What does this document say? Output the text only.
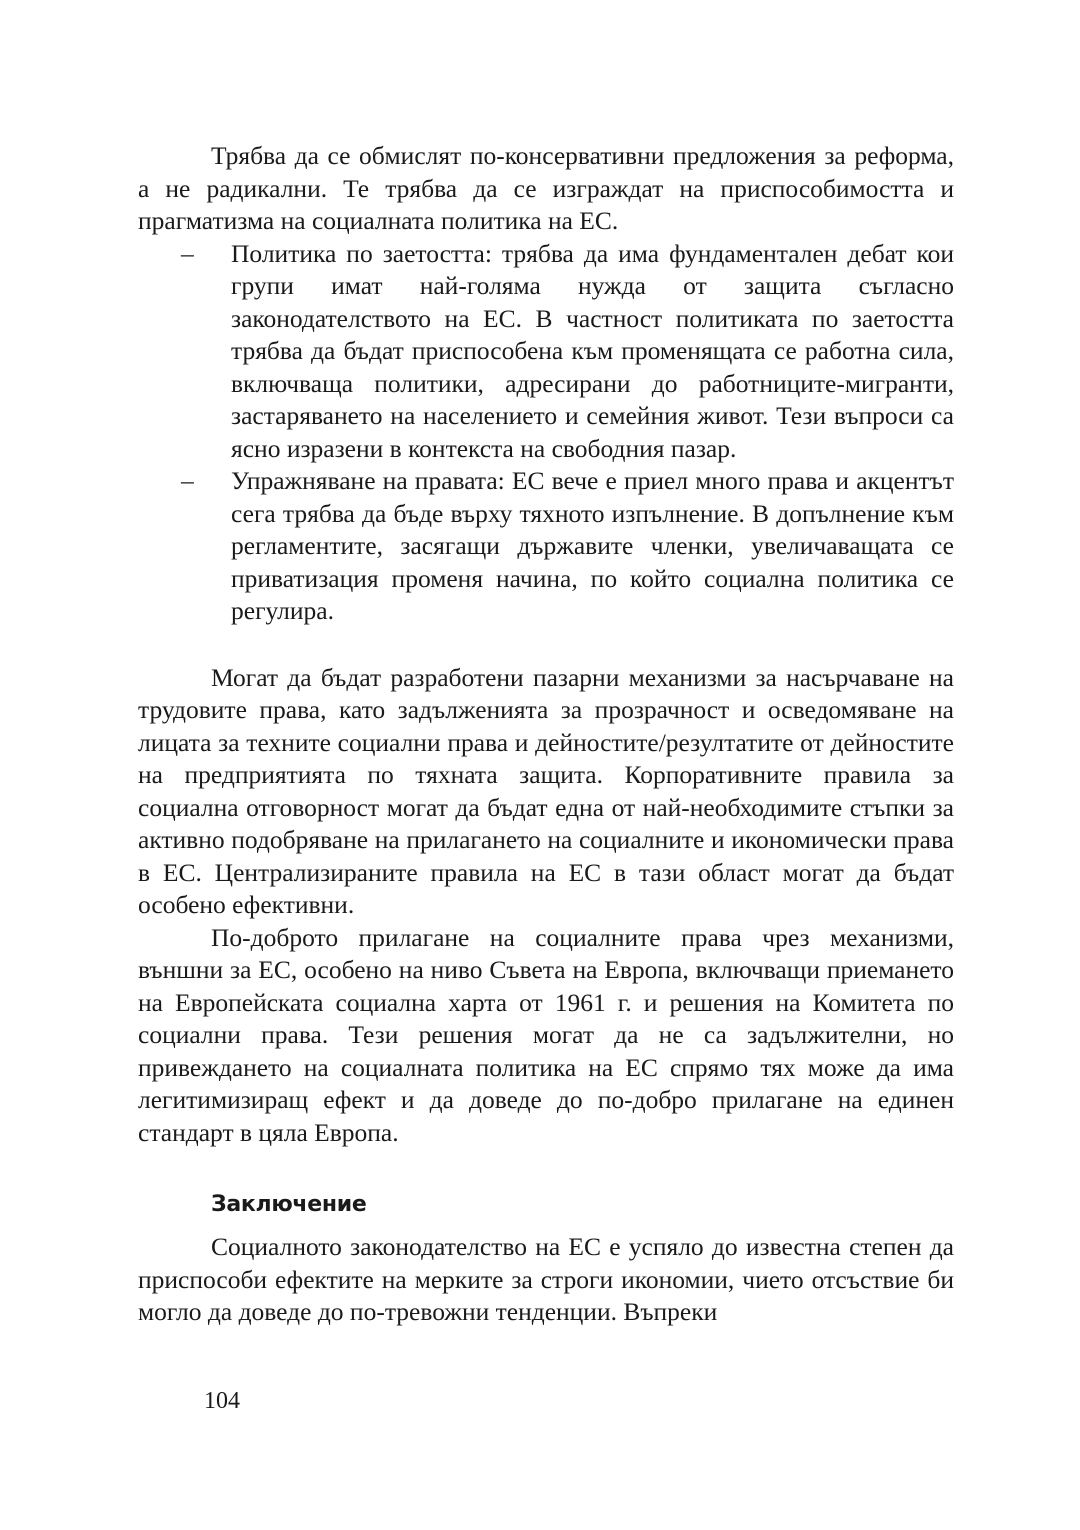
Трябва да се обмислят по-консервативни предложения за реформа, а не радикални. Те трябва да се изграждат на приспособимостта и прагматизма на социалната политика на ЕС.

– Политика по заетостта: трябва да има фундаментален дебат кои групи имат най-голяма нужда от защита съгласно законодателството на ЕС. В частност политиката по заетостта трябва да бъдат приспособена към променящата се работна сила, включваща политики, адресирани до работниците-мигранти, застаряването на населението и семейния живот. Тези въпроси са ясно изразени в контекста на свободния пазар.
– Упражняване на правата: ЕС вече е приел много права и акцентът сега трябва да бъде върху тяхното изпълнение. В допълнение към регламентите, засягащи държавите членки, увеличаващата се приватизация променя начина, по който социална политика се регулира.

Могат да бъдат разработени пазарни механизми за насърчаване на трудовите права, като задълженията за прозрачност и осведомяване на лицата за техните социални права и дейностите/резултатите от дейностите на предприятията по тяхната защита. Корпоративните правила за социална отговорност могат да бъдат една от най-необходимите стъпки за активно подобряване на прилагането на социалните и икономически права в ЕС. Централизираните правила на ЕС в тази област могат да бъдат особено ефективни.

По-доброто прилагане на социалните права чрез механизми, външни за ЕС, особено на ниво Съвета на Европа, включващи приемането на Европейската социална харта от 1961 г. и решения на Комитета по социални права. Тези решения могат да не са задължителни, но привеждането на социалната политика на ЕС спрямо тях може да има легитимизиращ ефект и да доведе до по-добро прилагане на единен стандарт в цяла Европа.

Заключение

Социалното законодателство на ЕС е успяло до известна степен да приспособи ефектите на мерките за строги икономии, чието отсъствие би могло да доведе до по-тревожни тенденции. Въпреки

104
